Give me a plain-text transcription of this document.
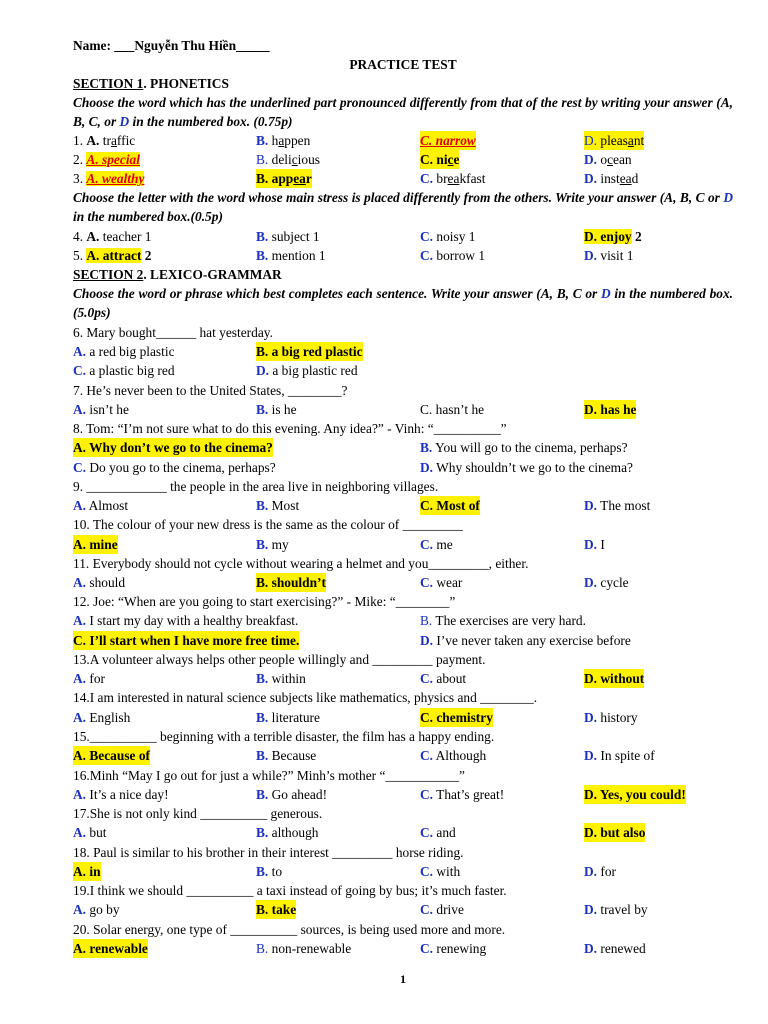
Name: ___Nguyễn Thu Hiền_____
PRACTICE TEST
SECTION 1. PHONETICS
Choose the word which has the underlined part pronounced differently from that of the rest by writing your answer (A, B, C, or D in the numbered box. (0.75p)
1. A. traffic	B. happen	C. narrow	D. pleasant
2. A. special	B. delicious	C. nice	D. ocean
3. A. wealthy	B. appear	C. breakfast	D. instead
Choose the letter with the word whose main stress is placed differently from the others. Write your answer (A, B, C or D in the numbered box.(0.5p)
4. A. teacher 1	B. subject 1	C. noisy 1	D. enjoy 2
5. A. attract 2	B. mention 1	C. borrow 1	D. visit 1
SECTION 2. LEXICO-GRAMMAR
Choose the word or phrase which best completes each sentence. Write your answer (A, B, C or D in the numbered box. (5.0ps)
6. Mary bought______ hat yesterday.
A. a red big plastic	B. a big red plastic
C. a plastic big red	D. a big plastic red
7. He’s never been to the United States, ________?
A. isn’t he	B. is he	C. hasn’t he	D. has he
8. Tom: “I’m not sure what to do this evening. Any idea?” - Vinh: “__________”
A. Why don’t we go to the cinema?	B. You will go to the cinema, perhaps?
C. Do you go to the cinema, perhaps?	D. Why shouldn’t we go to the cinema?
9. ____________ the people in the area live in neighboring villages.
A. Almost	B. Most	C. Most of	D. The most
10. The colour of your new dress is the same as the colour of _________
A. mine	B. my	C. me	D. I
11. Everybody should not cycle without wearing a helmet and you_________, either.
A. should	B. shouldn’t	C. wear	D. cycle
12. Joe: “When are you going to start exercising?” - Mike: “________”
A. I start my day with a healthy breakfast.	B. The exercises are very hard.
C. I’ll start when I have more free time.	D. I’ve never taken any exercise before
13.A volunteer always helps other people willingly and _________ payment.
A. for	B. within	C. about	D. without
14.I am interested in natural science subjects like mathematics, physics and ________.
A. English	B. literature	C. chemistry	D. history
15.__________ beginning with a terrible disaster, the film has a happy ending.
A. Because of	B. Because	C. Although	D. In spite of
16.Minh “May I go out for just a while?” Minh’s mother “___________”
A. It’s a nice day!	B. Go ahead!	C. That’s great!	D. Yes, you could!
17.She is not only kind __________ generous.
A. but	B. although	C. and	D. but also
18. Paul is similar to his brother in their interest _________ horse riding.
A. in	B. to	C. with	D. for
19.I think we should __________ a taxi instead of going by bus; it’s much faster.
A. go by	B. take	C. drive	D. travel by
20. Solar energy, one type of __________ sources, is being used more and more.
A. renewable	B. non-renewable	C. renewing	D. renewed
1
